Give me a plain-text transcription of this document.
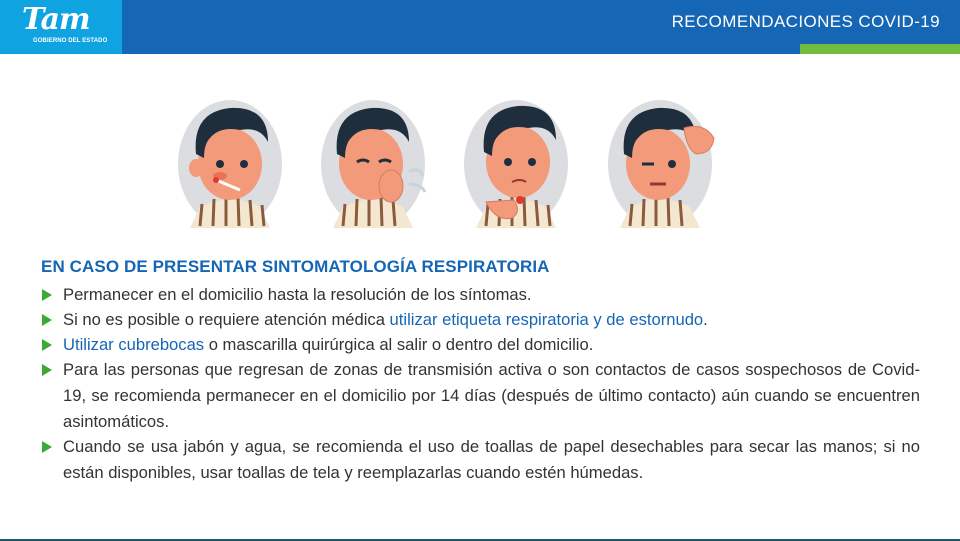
Tam
GOBIERNO DEL ESTADO
RECOMENDACIONES COVID-19
EN CASO DE PRESENTAR SINTOMATOLOGÍA RESPIRATORIA
Permanecer en el domicilio hasta la resolución de los síntomas.
Si no es posible o requiere atención médica utilizar etiqueta respiratoria y de estornudo.
Utilizar cubrebocas o mascarilla quirúrgica al salir o dentro del domicilio.
Para las personas que regresan de zonas de transmisión activa o son contactos de casos sospechosos de Covid-19, se recomienda permanecer en el domicilio por 14 días (después de último contacto) aún cuando se encuentren asintomáticos.
Cuando se usa jabón y agua, se recomienda el uso de toallas de papel desechables para secar las manos; si no están disponibles, usar toallas de tela y reemplazarlas cuando estén húmedas.
